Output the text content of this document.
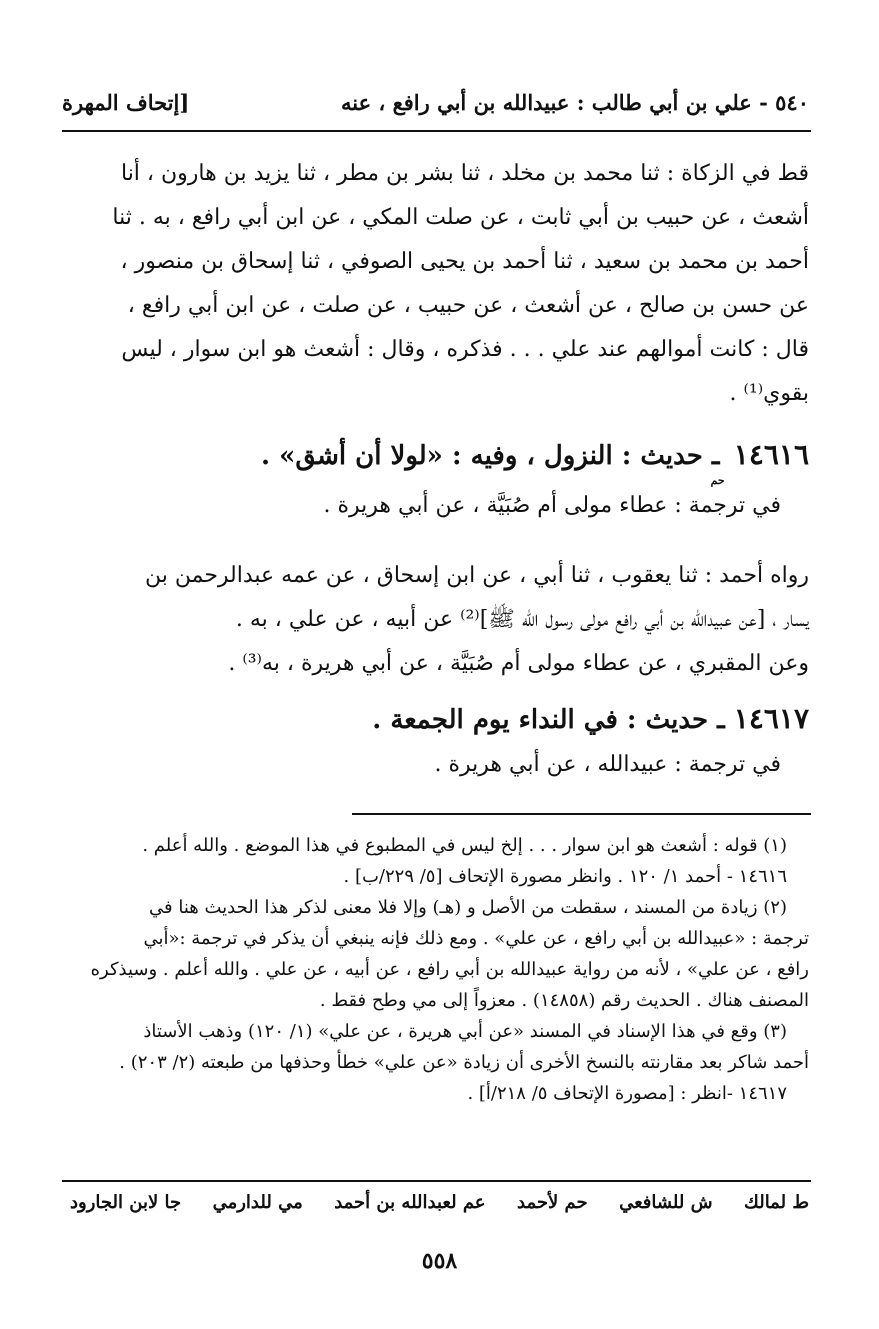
٥٤٠ - علي بن أبي طالب : عبيدالله بن أبي رافع ، عنه
[إتحاف المهرة

قط في الزكاة : ثنا محمد بن مخلد ، ثنا بشر بن مطر ، ثنا يزيد بن هارون ، أنا

أشعث ، عن حبيب بن أبي ثابت ، عن صلت المكي ، عن ابن أبي رافع ، به . ثنا

أحمد بن محمد بن سعيد ، ثنا أحمد بن يحيى الصوفي ، ثنا إسحاق بن منصور ،

عن حسن بن صالح ، عن أشعث ، عن حبيب ، عن صلت ، عن ابن أبي رافع ،

قال : كانت أموالهم عند علي . . . فذكره ، وقال : أشعث هو ابن سوار ، ليس

بقوي⁽¹⁾ .

١٤٦١٦ حم ـ حديث : النزول ، وفيه : «لولا أن أشق» .

في ترجمة : عطاء مولى أم صُبَيَّة ، عن أبي هريرة .

رواه أحمد : ثنا يعقوب ، ثنا أبي ، عن ابن إسحاق ، عن عمه عبدالرحمن بن

يسار ، [عن عبيدالله بن أبي رافع مولى رسول الله ﷺ]⁽²⁾ عن أبيه ، عن علي ، به .

وعن المقبري ، عن عطاء مولى أم صُبَيَّة ، عن أبي هريرة ، به⁽³⁾ .

١٤٦١٧ ـ حديث : في النداء يوم الجمعة .

في ترجمة : عبيدالله ، عن أبي هريرة .

(١) قوله : أشعث هو ابن سوار . . . إلخ ليس في المطبوع في هذا الموضع . والله أعلم .

١٤٦١٦ - أحمد ١/ ١٢٠ . وانظر مصورة الإتحاف [٥/ ٢٢٩/ب] .

(٢) زيادة من المسند ، سقطت من الأصل و (هـ) وإلا فلا معنى لذكر هذا الحديث هنا في

ترجمة : «عبيدالله بن أبي رافع ، عن علي» . ومع ذلك فإنه ينبغي أن يذكر في ترجمة :«أبي

رافع ، عن علي» ، لأنه من رواية عبيدالله بن أبي رافع ، عن أبيه ، عن علي . والله أعلم . وسيذكره

المصنف هناك . الحديث رقم (١٤٨٥٨) . معزواً إلى مي وطح فقط .

(٣) وقع في هذا الإسناد في المسند «عن أبي هريرة ، عن علي» (١/ ١٢٠) وذهب الأستاذ

أحمد شاكر بعد مقارنته بالنسخ الأخرى أن زيادة «عن علي» خطأ وحذفها من طبعته (٢/ ٢٠٣) .

١٤٦١٧ -انظر : [مصورة الإتحاف ٥/ ٢١٨/أ] .

ط لمالك
ش للشافعي
حم لأحمد
عم لعبدالله بن أحمد
مي للدارمي
جا لابن الجارود
٥٥٨
